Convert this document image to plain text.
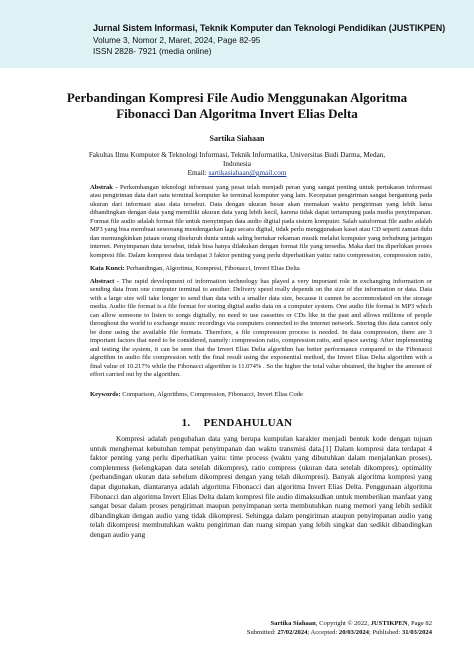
Jurnal Sistem Informasi, Teknik Komputer dan Teknologi Pendidikan (JUSTIKPEN)
Volume 3, Nomor 2, Maret, 2024, Page 82-95
ISSN 2828- 7921 (media online)
Perbandingan Kompresi File Audio Menggunakan Algoritma
Fibonacci Dan Algoritma Invert Elias Delta
Sartika Siahaan
Fakultas Ilmu Komputer & Teknologi Informasi, Teknik Informatika, Universitas Budi Darma, Medan, Indonesia
Email: sartikasiahaan@gmail.com
Abstrak - Perkembangan teknologi informasi yang pesat telah menjadi peran yang sangat penting untuk pertukaran informasi atau pengiriman data dari satu terminal komputer ke terminal komputer yang lain. Kecepatan pengiriman sangat bergantung pada ukuran dari informasi atau data tersebut. Data dengan ukuran besar akan memakan waktu pengiriman yang lebih lama dibandingkan dengan data yang memiliki ukuran data yang lebih kecil, karena tidak dapat tertampung pada media penyimpanan. Format file audio adalah format file untuk menyimpan data audio digital pada sistem komputer. Salah satuformat file audio adalah MP3 yang bisa membuat seseorang mendengarkan lagu secara digital, tidak perlu menggunakan kaset atau CD seperti zaman dulu dan memungkinkan jutaan orang diseluruh dunia untuk saling bertukar rekaman musik melalui komputer yang terhubung jaringan internet. Penyimpanan data tersebut, tidak bisa hanya dilakukan dengan format file yang tersedia. Maka dari itu diperlukan proses kompresi file. Dalam kompresi data terdapat 3 faktor penting yang perlu diperhatikan yaitu: ratio compression, compression ratio,
Kata Kunci: Perbandingan, Algoritma, Kompresi, Fibonacci, Invert Elias Delta
Abstract - The rapid development of information technology has played a very important role in exchanging information or sending data from one computer terminal to another. Delivery speed really depends on the size of the information or data. Data with a large size will take longer to send than data with a smaller data size, because it cannot be accommodated on the storage media. Audio file format is a file format for storing digital audio data on a computer system. One audio file format is MP3 which can allow someone to listen to songs digitally, no need to use cassettes or CDs like in the past and allows millions of people throughout the world to exchange music recordings via computers connected to the internet network. Storing this data cannot only be done using the available file formats. Therefore, a file compression process is needed. In data compression, there are 3 important factors that need to be considered, namely: compression ratio, compression ratio, and space saving. After implementing and testing the system, it can be seen that the Invert Elias Delta algorithm has better performance compared to the Fibonacci algorithm in audio file compression with the final result using the exponential method, the Invert Elias Delta algorithm with a final value of 10.217% while the Fibonacci algorithm is 11.074% . So the higher the total value obtained, the higher the amount of effort carried out by the algorithm.
Keywords: Comparison, Algorithms, Compression, Fibonacci, Invert Elias Code
1. PENDAHULUAN
Kompresi adalah pengubahan data yang berupa kumpulan karakter menjadi bentuk kode dengan tujuan untuk menghemat kebutuhan tempat penyimpanan dan waktu transmisi data.[1] Dalam kompresi data terdapat 4 faktor penting yang perlu diperhatikan yaitu: time process (waktu yang dibutuhkan dalam menjalankan proses), completeness (kelengkapan data setelah dikompres), ratio compress (ukuran data setelah dikompres), optimality (perbandingan ukuran data sebelum dikompresi dengan yang telah dikompresi). Banyak algoritma kompresi yang dapat digunakan, diantaranya adalah algoritma Fibonacci dan algoritma Invert Elias Delta. Penggunaan algoritma Fibonacci dan algoritma Invert Elias Delta dalam kompresi file audio dimaksudkan untuk memberikan manfaat yang sangat besar dalam proses pengiriman maupun penyimpanan serta membutuhkan ruang memori yang lebih sedikit dibandingkan dengan audio yang tidak dikompresi. Sehingga dalam pengiriman ataupun penyimpanan audio yang telah dikompresi membutuhkan waktu pengiriman dan ruang simpan yang lebih singkat dan sedikit dibandingkan dengan audio yang
Sartika Siahaan, Copyright © 2022, JUSTIKPEN, Page 82
Submitted: 27/02/2024; Accepted: 20/03/2024; Published: 31/03/2024
